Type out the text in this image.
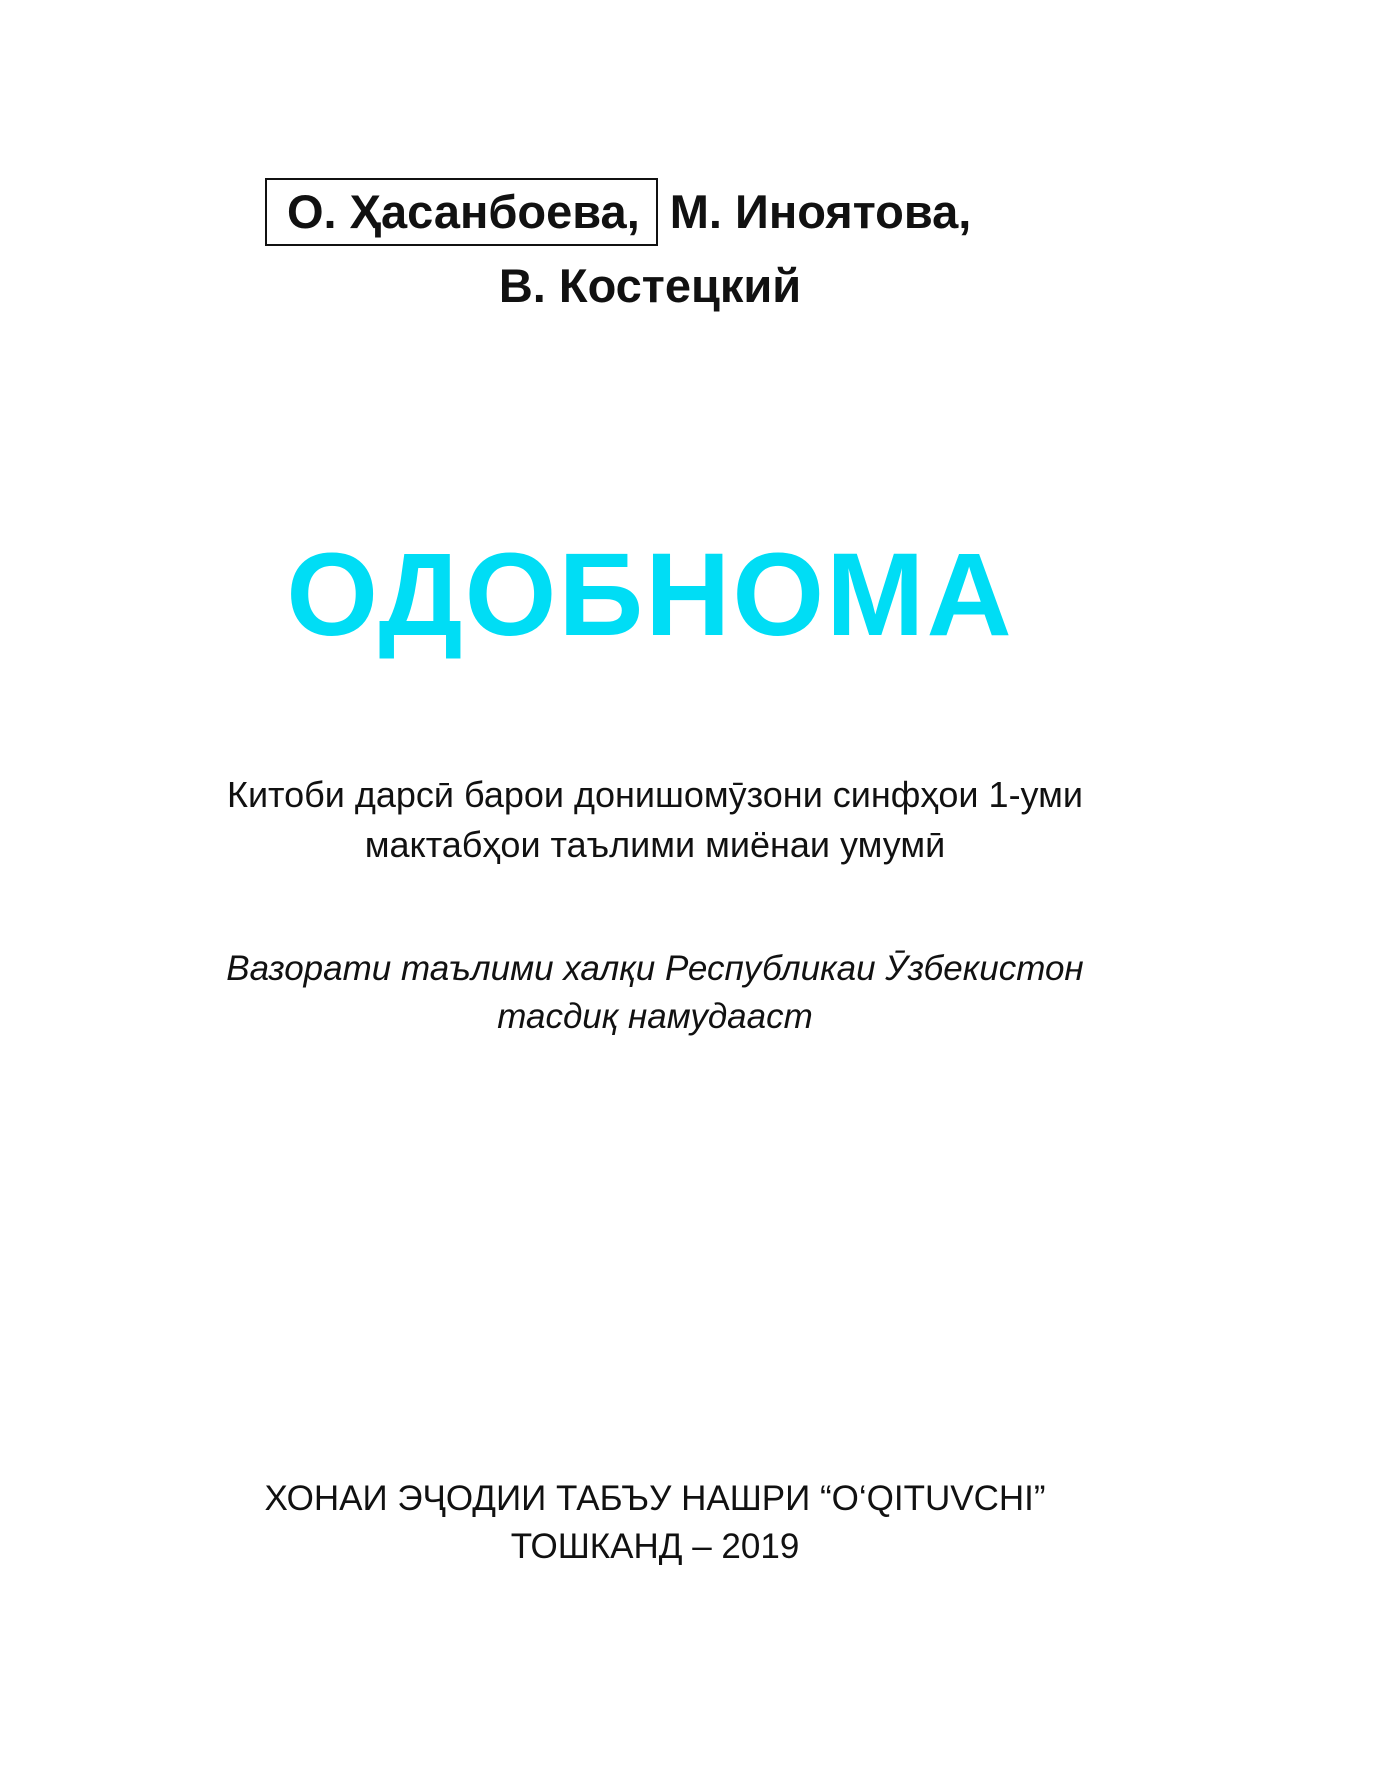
О. Ҳасанбоева, М. Иноятова,
В. Костецкий
ОДОБНОМА
Китоби дарсӣ барои донишомӯзони синфҳои 1-уми
мактабҳои таълими миёнаи умумӣ
Вазорати таълими халқи Республикаи Ӯзбекистон
тасдиқ намудааст
ХОНАИ ЭҶОДИИ ТАБЪУ НАШРИ “O‘QITUVCHI”
ТОШКАНД – 2019
